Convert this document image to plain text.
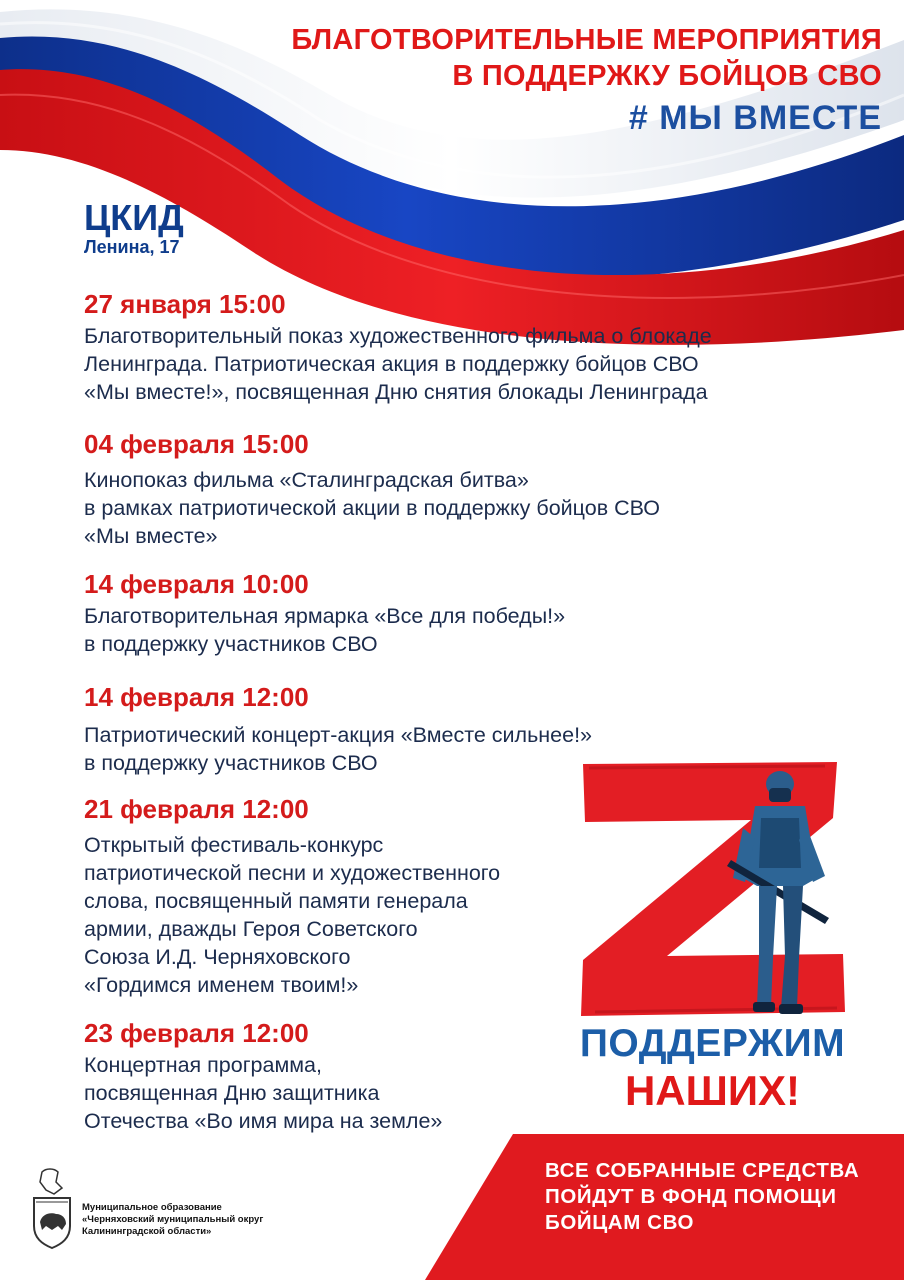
БЛАГОТВОРИТЕЛЬНЫЕ МЕРОПРИЯТИЯ
В ПОДДЕРЖКУ БОЙЦОВ СВО
# МЫ ВМЕСТЕ
ЦКИД
Ленина, 17
27 января 15:00
Благотворительный показ художественного фильма о блокаде
Ленинграда. Патриотическая акция в поддержку бойцов СВО
«Мы вместе!», посвященная Дню снятия блокады Ленинграда
04 февраля 15:00
Кинопоказ фильма «Сталинградская битва»
в рамках патриотической акции в поддержку бойцов СВО
«Мы вместе»
14 февраля 10:00
Благотворительная ярмарка «Все для победы!»
в поддержку участников СВО
14 февраля 12:00
Патриотический концерт-акция «Вместе сильнее!»
в поддержку участников СВО
21 февраля 12:00
Открытый фестиваль-конкурс
патриотической песни и художественного
слова, посвященный памяти генерала
армии, дважды Героя Советского
Союза И.Д. Черняховского
«Гордимся именем твоим!»
23 февраля 12:00
Концертная программа,
посвященная Дню защитника
Отечества «Во имя мира на земле»
ПОДДЕРЖИМ
НАШИХ!
ВСЕ СОБРАННЫЕ СРЕДСТВА
ПОЙДУТ В ФОНД ПОМОЩИ
БОЙЦАМ СВО
Муниципальное образование
«Черняховский муниципальный округ
Калининградской области»
